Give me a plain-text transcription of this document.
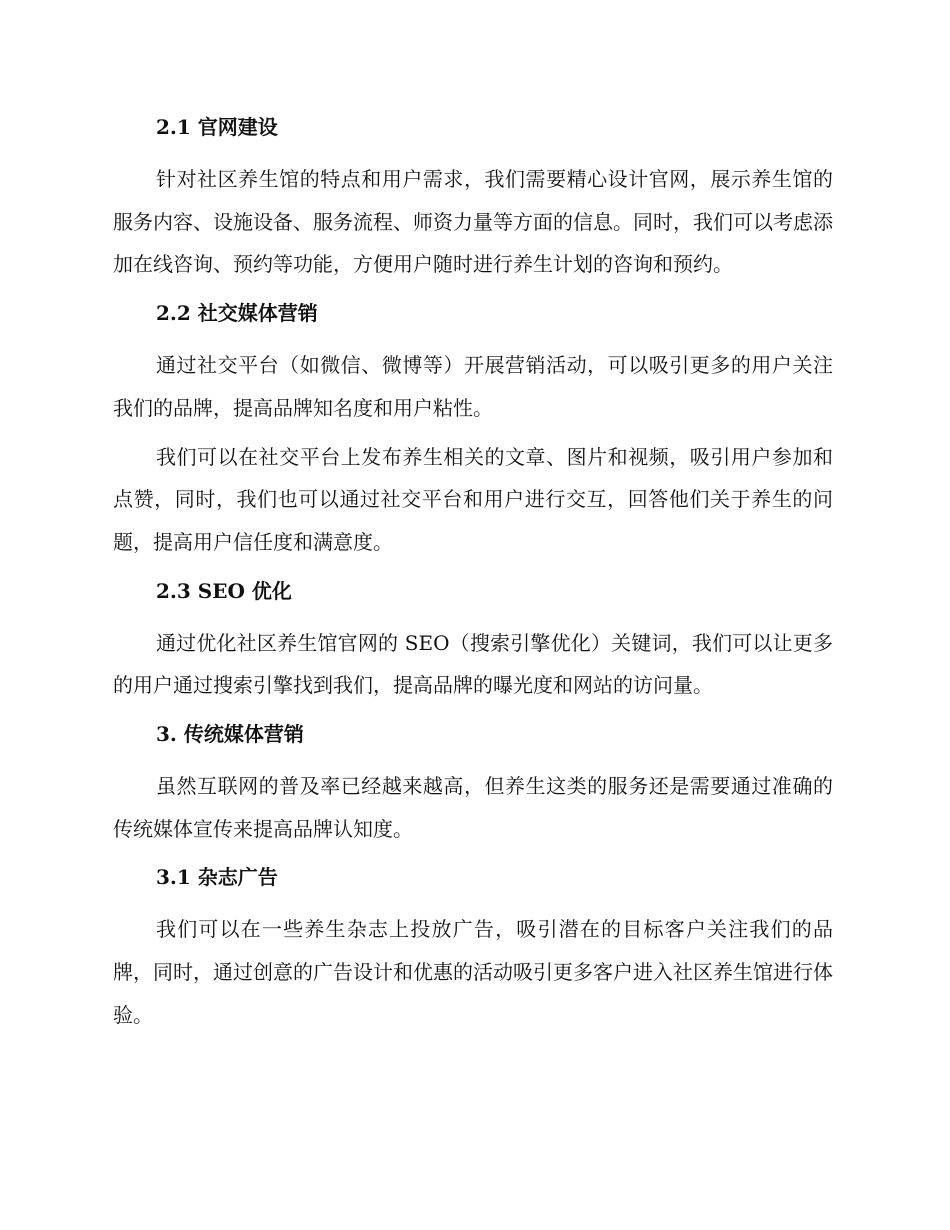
2.1 官网建设

针对社区养生馆的特点和用户需求，我们需要精心设计官网，展示养生馆的服务内容、设施设备、服务流程、师资力量等方面的信息。同时，我们可以考虑添加在线咨询、预约等功能，方便用户随时进行养生计划的咨询和预约。

2.2 社交媒体营销

通过社交平台（如微信、微博等）开展营销活动，可以吸引更多的用户关注我们的品牌，提高品牌知名度和用户粘性。

我们可以在社交平台上发布养生相关的文章、图片和视频，吸引用户参加和点赞，同时，我们也可以通过社交平台和用户进行交互，回答他们关于养生的问题，提高用户信任度和满意度。

2.3 SEO 优化

通过优化社区养生馆官网的 SEO（搜索引擎优化）关键词，我们可以让更多的用户通过搜索引擎找到我们，提高品牌的曝光度和网站的访问量。

3. 传统媒体营销

虽然互联网的普及率已经越来越高，但养生这类的服务还是需要通过准确的传统媒体宣传来提高品牌认知度。

3.1 杂志广告

我们可以在一些养生杂志上投放广告，吸引潜在的目标客户关注我们的品牌，同时，通过创意的广告设计和优惠的活动吸引更多客户进入社区养生馆进行体验。
